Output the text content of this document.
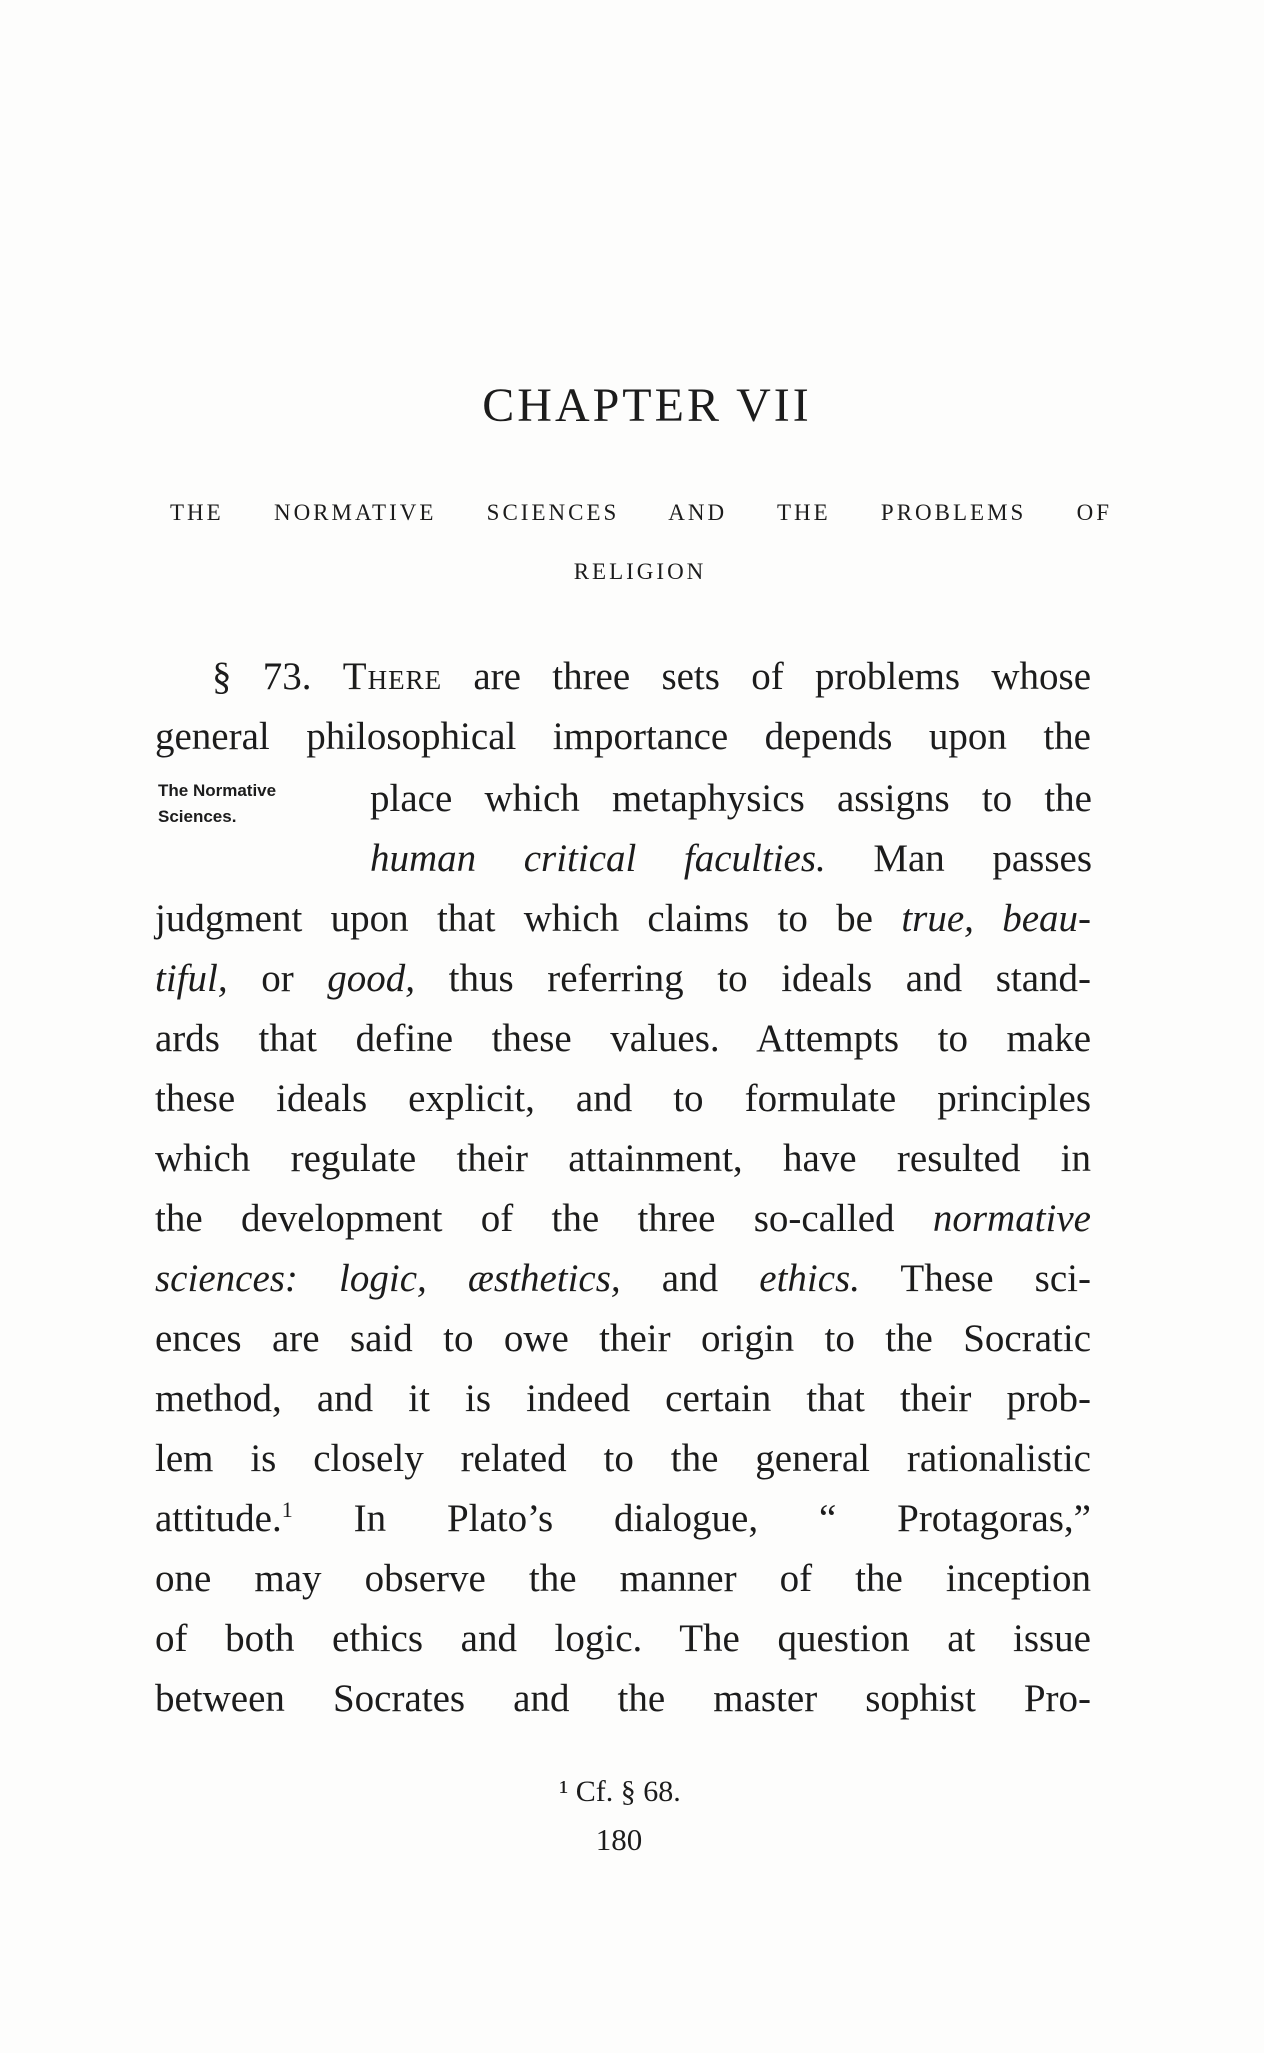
CHAPTER VII
THE NORMATIVE SCIENCES AND THE PROBLEMS OF
RELIGION
The Normative
Sciences.
§ 73. There are three sets of problems whose
general philosophical importance depends upon the
place which metaphysics assigns to the
human critical faculties. Man passes
judgment upon that which claims to be true, beau-
tiful, or good, thus referring to ideals and stand-
ards that define these values. Attempts to make
these ideals explicit, and to formulate principles
which regulate their attainment, have resulted in
the development of the three so-called normative
sciences: logic, æsthetics, and ethics. These sci-
ences are said to owe their origin to the Socratic
method, and it is indeed certain that their prob-
lem is closely related to the general rationalistic
attitude.$^1$ In Plato’s dialogue, “ Protagoras,”
one may observe the manner of the inception
of both ethics and logic. The question at issue
between Socrates and the master sophist Pro-
¹ Cf. § 68.
180
